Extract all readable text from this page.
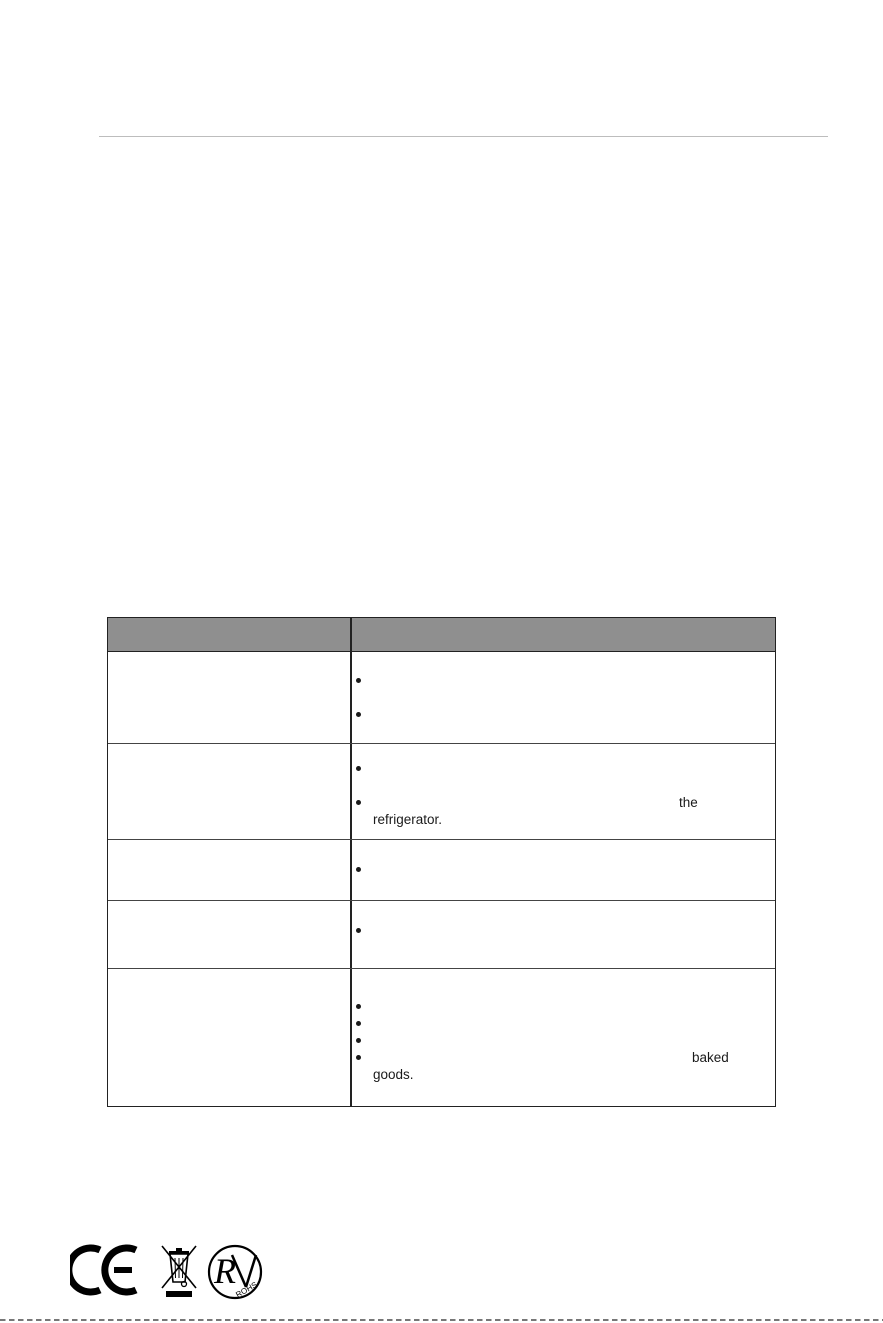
the
refrigerator.
baked
goods.
R
ROHS
